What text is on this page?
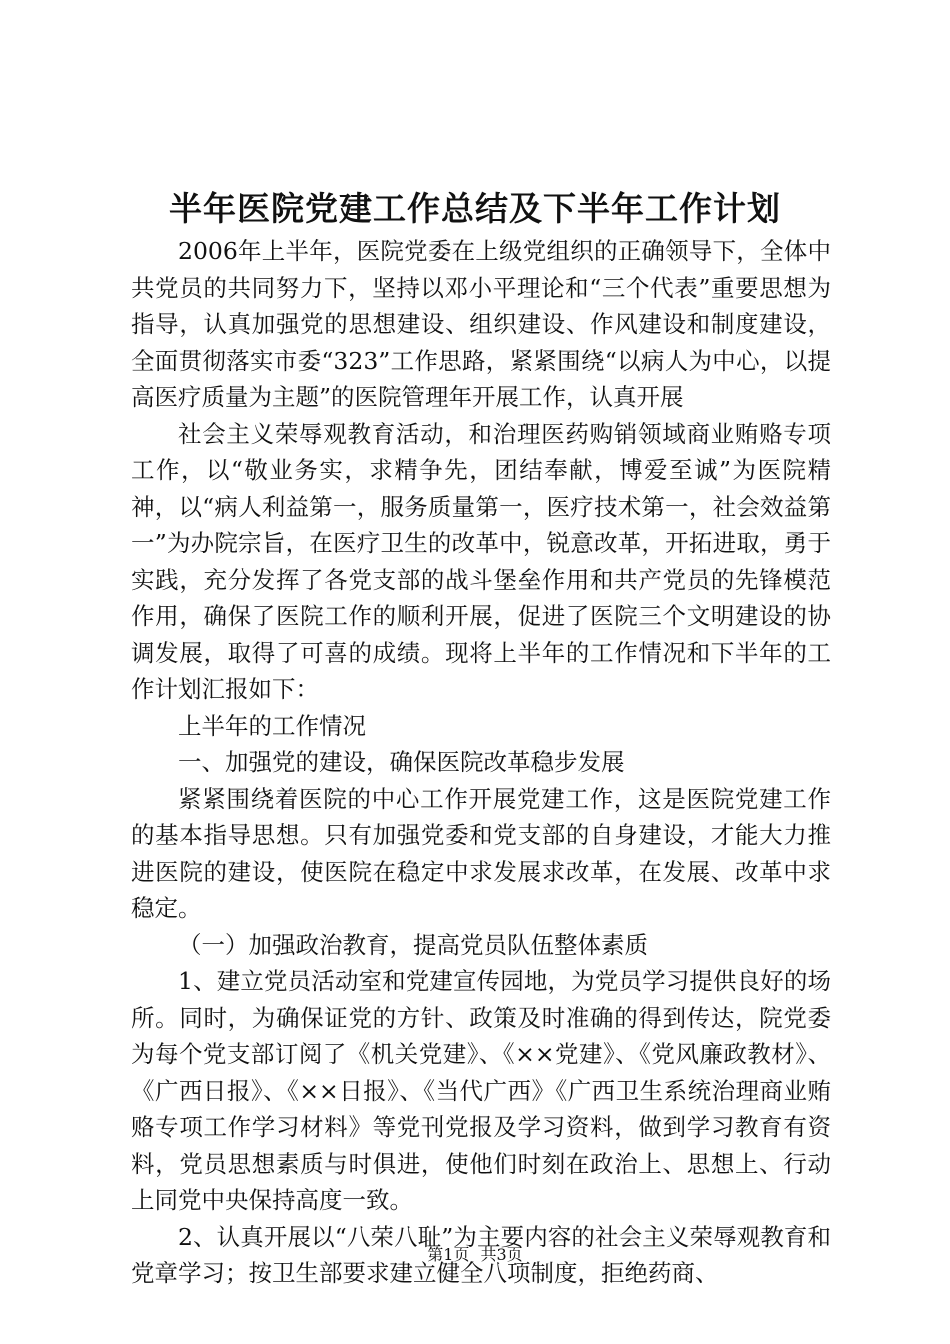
半年医院党建工作总结及下半年工作计划

2006年上半年，医院党委在上级党组织的正确领导下，全体中共党员的共同努力下，坚持以邓小平理论和“三个代表”重要思想为指导，认真加强党的思想建设、组织建设、作风建设和制度建设，全面贯彻落实市委“323”工作思路，紧紧围绕“以病人为中心，以提高医疗质量为主题”的医院管理年开展工作，认真开展

社会主义荣辱观教育活动，和治理医药购销领域商业贿赂专项工作，以“敬业务实，求精争先，团结奉献，博爱至诚”为医院精神，以“病人利益第一，服务质量第一，医疗技术第一，社会效益第一”为办院宗旨，在医疗卫生的改革中，锐意改革，开拓进取，勇于实践，充分发挥了各党支部的战斗堡垒作用和共产党员的先锋模范作用，确保了医院工作的顺利开展，促进了医院三个文明建设的协调发展，取得了可喜的成绩。现将上半年的工作情况和下半年的工作计划汇报如下：

上半年的工作情况

一、加强党的建设，确保医院改革稳步发展

紧紧围绕着医院的中心工作开展党建工作，这是医院党建工作的基本指导思想。只有加强党委和党支部的自身建设，才能大力推进医院的建设，使医院在稳定中求发展求改革，在发展、改革中求稳定。

（一）加强政治教育，提高党员队伍整体素质

1、建立党员活动室和党建宣传园地，为党员学习提供良好的场所。同时，为确保证党的方针、政策及时准确的得到传达，院党委为每个党支部订阅了《机关党建》、《××党建》、《党风廉政教材》、《广西日报》、《××日报》、《当代广西》《广西卫生系统治理商业贿赂专项工作学习材料》等党刊党报及学习资料，做到学习教育有资料，党员思想素质与时俱进，使他们时刻在政治上、思想上、行动上同党中央保持高度一致。

2、认真开展以“八荣八耻”为主要内容的社会主义荣辱观教育和党章学习；按卫生部要求建立健全八项制度，拒绝药商、

第1页 共3页
